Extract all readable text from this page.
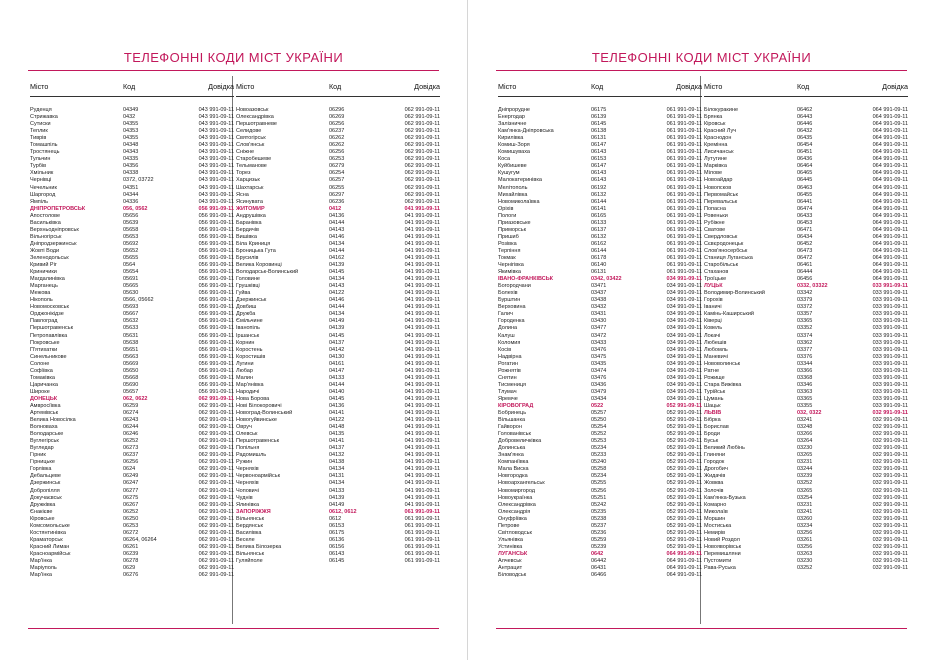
ТЕЛЕФОННІ КОДИ МІСТ УКРАЇНИ
Місто	Код	Довідка
Руденця	04349	043 991-09-11
Стрижавка	0432	043 991-09-11
Сутиски	04355	043 991-09-11
Теплик	04353	043 991-09-11
Тиврів	04355	043 991-09-11
Томашпіль	04348	043 991-09-11
Тростянець	04343	043 991-09-11
Тульчин	04335	043 991-09-11
Турбів	04356	043 991-09-11
Хмільник	04338	043 991-09-11
Чернівці	0372, 03722	043 991-09-11
Чечельник	04351	043 991-09-11
Шаргород	04344	043 991-09-11
Ямпіль	04336	043 991-09-11
ДНІПРОПЕТРОВСЬК	056, 0562	056 991-09-11
Апостолове	05656	056 991-09-11
Васильківка	05639	056 991-09-11
Верхньодніпровськ	05658	056 991-09-11
Вільногірськ	05653	056 991-09-11
Дніпродзержинськ	05692	056 991-09-11
Жовті Води	05652	056 991-09-11
Зеленодольськ	05655	056 991-09-11
Кривий Ріг	0564	056 991-09-11
Криничики	05654	056 991-09-11
Магдалинівка	05691	056 991-09-11
Марганець	05665	056 991-09-11
Межова	05630	056 991-09-11
Нікополь	0566, 05662	056 991-09-11
Новомосковськ	05693	056 991-09-11
Орджонікідзе	05667	056 991-09-11
Павлоград	05632	056 991-09-11
Першотравенськ	05633	056 991-09-11
Петропавлівка	05631	056 991-09-11
Покровське	05638	056 991-09-11
П'ятихатки	05651	056 991-09-11
Синельникове	05663	056 991-09-11
Солоне	05669	056 991-09-11
Софіївка	05650	056 991-09-11
Томаківка	05668	056 991-09-11
Царичанка	05690	056 991-09-11
Широке	05657	056 991-09-11
ДОНЕЦЬК	062, 0622	062 991-09-11
Амвросіївка	06259	062 991-09-11
Артемівськ	06274	062 991-09-11
Велика Новосілка	06243	062 991-09-11
Волноваха	06244	062 991-09-11
Володарське	06246	062 991-09-11
Вуглегірськ	06252	062 991-09-11
Вугледар	06273	062 991-09-11
Гірник	06237	062 991-09-11
Гірницьке	06256	062 991-09-11
Горлівка	0624	062 991-09-11
Дебальцеве	06249	062 991-09-11
Дзержинськ	06247	062 991-09-11
Добропілля	06277	062 991-09-11
Докучаєвськ	06275	062 991-09-11
Дружківка	06267	062 991-09-11
Єнакієве	06252	062 991-09-11
Кіровське	06250	062 991-09-11
Комсомольське	06253	062 991-09-11
Костянтинівка	06272	062 991-09-11
Краматорськ	06264, 06264	062 991-09-11
Красний Лиман	06261	062 991-09-11
Красноармійськ	06239	062 991-09-11
Мар'їнка	06278	062 991-09-11
Маріуполь	0629	062 991-09-11
Мар'їнка	06276	062 991-09-11
Місто	Код	Довідка
Новоазовськ	06296	062 991-09-11
Олександрівка	06269	062 991-09-11
Першотравневе	06256	062 991-09-11
Селидове	06237	062 991-09-11
Святогірськ	06262	062 991-09-11
Слов'янськ	06262	062 991-09-11
Сніжне	06256	062 991-09-11
Старобешеве	06253	062 991-09-11
Тельманове	06279	062 991-09-11
Торез	06254	062 991-09-11
Харцизьк	06257	062 991-09-11
Шахтарськ	06255	062 991-09-11
Ясна	06297	062 991-09-11
Ясинувата	06236	062 991-09-11
ЖИТОМИР	0412	041 991-09-11
Андрушівка	04136	041 991-09-11
Баранівка	04144	041 991-09-11
Бердичів	04143	041 991-09-11
Вишівка	04146	041 991-09-11
Біла Криниця	04134	041 991-09-11
Броницька Гута	04144	041 991-09-11
Брусилів	04162	041 991-09-11
Велика Коровинці	04139	041 991-09-11
Володарськ-Волинський	04145	041 991-09-11
Головине	04134	041 991-09-11
Грушківці	04143	041 991-09-11
Гуйва	04122	041 991-09-11
Дзержинськ	04146	041 991-09-11
Довбиш	04144	041 991-09-11
Дружба	04134	041 991-09-11
Ємільчине	04149	041 991-09-11
Іванопіль	04139	041 991-09-11
Іршанськ	04145	041 991-09-11
Корнин	04137	041 991-09-11
Коростень	04142	041 991-09-11
Коростишів	04130	041 991-09-11
Лугини	04161	041 991-09-11
Любар	04147	041 991-09-11
Малин	04133	041 991-09-11
Мар'янівка	04144	041 991-09-11
Народичі	04140	041 991-09-11
Нова Борова	04145	041 991-09-11
Нові Білокоровичі	04136	041 991-09-11
Новоград-Волинський	04141	041 991-09-11
Новогуйвинське	04122	041 991-09-11
Овруч	04148	041 991-09-11
Олевськ	04135	041 991-09-11
Першотравенськ	04141	041 991-09-11
Попільня	04137	041 991-09-11
Радомишль	04132	041 991-09-11
Ружин	04138	041 991-09-11
Черняхів	04134	041 991-09-11
Червоноармійськ	04131	041 991-09-11
Черняхів	04134	041 991-09-11
Чоповичі	04133	041 991-09-11
Чуднів	04139	041 991-09-11
Ялинівка	04149	041 991-09-11
ЗАПОРІЖЖЯ	0612, 0612	061 991-09-11
Вільнянськ	0612	061 991-09-11
Бердянськ	06153	061 991-09-11
Василівка	06175	061 991-09-11
Веселе	06136	061 991-09-11
Велика Білозерка	06156	061 991-09-11
Вільнянськ	06143	061 991-09-11
Гуляйполе	06145	061 991-09-11
ТЕЛЕФОННІ КОДИ МІСТ УКРАЇНИ
Місто	Код	Довідка
Дніпрорудне	06175	061 991-09-11
Енергодар	06139	061 991-09-11
Залізничне	06145	061 991-09-11
Кам'янка-Дніпровська	06138	061 991-09-11
Кирилівка	06131	061 991-09-11
Комиш-Зоря	06147	061 991-09-11
Комишуваха	06143	061 991-09-11
Коса	06153	061 991-09-11
Куйбишеве	06147	061 991-09-11
Кушугум	06143	061 991-09-11
Малокатеринівка	06143	061 991-09-11
Мелітополь	06192	061 991-09-11
Михайлівка	06132	061 991-09-11
Новомиколаївка	06144	061 991-09-11
Оріхів	06141	061 991-09-11
Пологи	06165	061 991-09-11
Приазовське	06133	061 991-09-11
Приморськ	06137	061 991-09-11
Пришиб	06132	061 991-09-11
Розівка	06162	061 991-09-11
Терпіння	06144	061 991-09-11
Токмак	06178	061 991-09-11
Чернігівка	06140	061 991-09-11
Якимівка	06131	061 991-09-11
ІВАНО-ФРАНКІВСЬК	0342, 03422	034 991-09-11
Богородчани	03471	034 991-09-11
Болехів	03437	034 991-09-11
Бурштин	03438	034 991-09-11
Верховина	03432	034 991-09-11
Галич	03431	034 991-09-11
Городенка	03430	034 991-09-11
Долина	03477	034 991-09-11
Калуш	03472	034 991-09-11
Коломия	03433	034 991-09-11
Косів	03476	034 991-09-11
Надвірна	03475	034 991-09-11
Рогатин	03435	034 991-09-11
Рожнятів	03474	034 991-09-11
Снятин	03476	034 991-09-11
Тисмениця	03436	034 991-09-11
Тлумач	03479	034 991-09-11
Яремче	03434	034 991-09-11
КІРОВОГРАД	0522	052 991-09-11
Бобринець	05257	052 991-09-11
Вільшанка	05250	052 991-09-11
Гайворон	05254	052 991-09-11
Голованівськ	05252	052 991-09-11
Добровеличківка	05253	052 991-09-11
Долинська	05234	052 991-09-11
Знам'янка	05233	052 991-09-11
Компаніївка	05240	052 991-09-11
Мала Виска	05258	052 991-09-11
Новгородка	05234	052 991-09-11
Новоархангельськ	05255	052 991-09-11
Новомиргород	05256	052 991-09-11
Новоукраїнка	05251	052 991-09-11
Олександрівка	05242	052 991-09-11
Олександрія	05235	052 991-09-11
Онуфріївка	05238	052 991-09-11
Петрове	05237	052 991-09-11
Світловодськ	05236	052 991-09-11
Ульянівка	05259	052 991-09-11
Устинівка	05239	052 991-09-11
ЛУГАНСЬК	0642	064 991-09-11
Алчевськ	06442	064 991-09-11
Антрацит	06431	064 991-09-11
Біловодськ	06466	064 991-09-11
Місто	Код	Довідка
Білокуракине	06462	064 991-09-11
Брянка	06443	064 991-09-11
Кіровськ	06446	064 991-09-11
Красний Луч	06432	064 991-09-11
Краснодон	06435	064 991-09-11
Кремінна	06454	064 991-09-11
Лисичанськ	06451	064 991-09-11
Лутугине	06436	064 991-09-11
Марківка	06464	064 991-09-11
Мілове	06465	064 991-09-11
Новоайдар	06445	064 991-09-11
Новопсков	06463	064 991-09-11
Первомайськ	06455	064 991-09-11
Перевальськ	06441	064 991-09-11
Попасна	06474	064 991-09-11
Ровеньки	06433	064 991-09-11
Рубіжне	06453	064 991-09-11
Сватове	06471	064 991-09-11
Свердловськ	06434	064 991-09-11
Сєвєродонецьк	06452	064 991-09-11
Слов'яносербськ	06473	064 991-09-11
Станиця Луганська	06472	064 991-09-11
Старобільськ	06461	064 991-09-11
Стаханов	06444	064 991-09-11
Троїцьке	06456	064 991-09-11
ЛУЦЬК	0332, 03322	033 991-09-11
Володимир-Волинський	03342	033 991-09-11
Горохів	03379	033 991-09-11
Іваничі	03372	033 991-09-11
Камінь-Каширський	03357	033 991-09-11
Ківерці	03365	033 991-09-11
Ковель	03352	033 991-09-11
Локачі	03374	033 991-09-11
Любешів	03362	033 991-09-11
Любомль	03377	033 991-09-11
Маневичі	03376	033 991-09-11
Нововолинськ	03344	033 991-09-11
Ратне	03366	033 991-09-11
Рожище	03368	033 991-09-11
Стара Вижівка	03346	033 991-09-11
Турійськ	03363	033 991-09-11
Цумань	03365	033 991-09-11
Шацьк	03355	033 991-09-11
ЛЬВІВ	032, 0322	032 991-09-11
Бібрка	03241	032 991-09-11
Борислав	03248	032 991-09-11
Броди	03266	032 991-09-11
Буськ	03264	032 991-09-11
Великий Любінь	03230	032 991-09-11
Глиняни	03265	032 991-09-11
Городок	03231	032 991-09-11
Дрогобич	03244	032 991-09-11
Жидачів	03239	032 991-09-11
Жовква	03252	032 991-09-11
Золочів	03265	032 991-09-11
Кам'янка-Бузька	03254	032 991-09-11
Комарно	03231	032 991-09-11
Миколаїв	03241	032 991-09-11
Моршин	03260	032 991-09-11
Мостиська	03234	032 991-09-11
Немирів	03256	032 991-09-11
Новий Роздол	03261	032 991-09-11
Новояворівськ	03256	032 991-09-11
Перемишляни	03263	032 991-09-11
Пустомити	03230	032 991-09-11
Рава-Руська	03252	032 991-09-11
